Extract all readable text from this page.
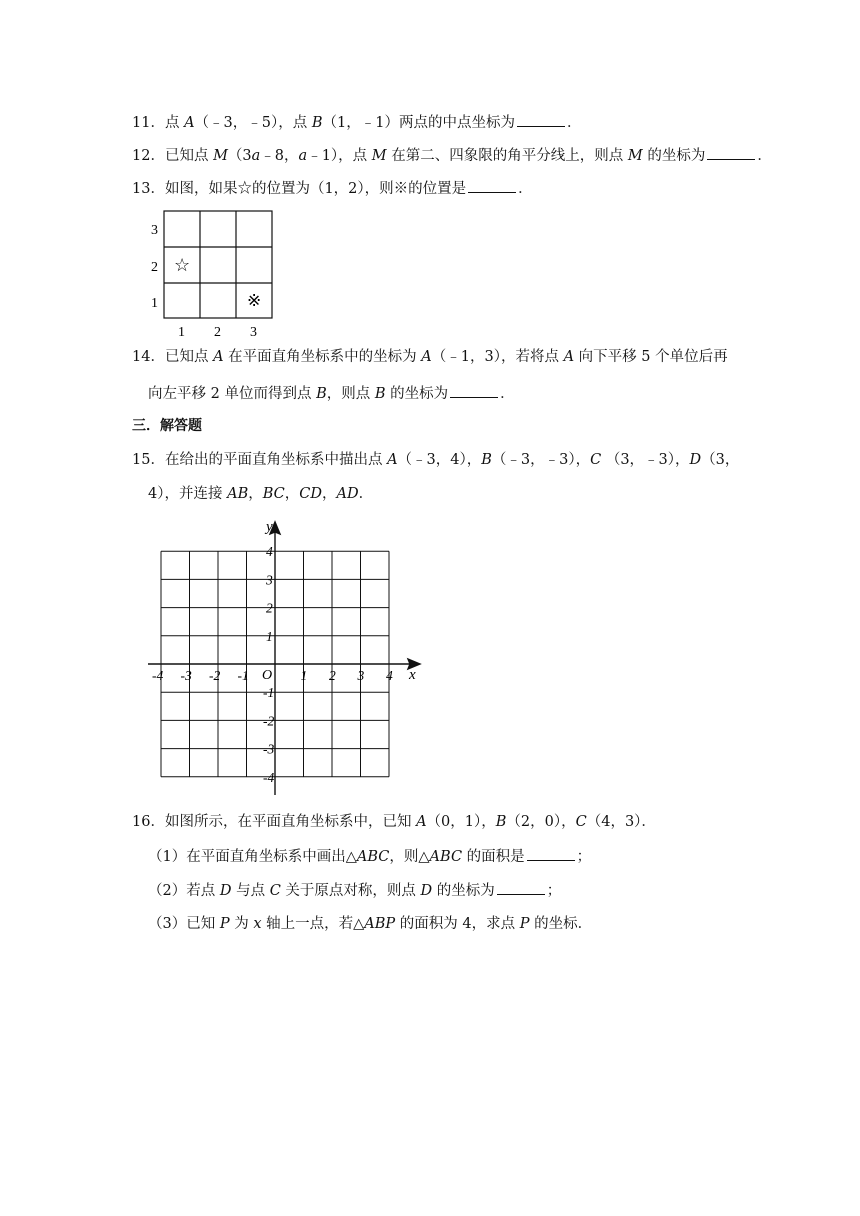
11．点 A（﹣3，﹣5），点 B（1，﹣1）两点的中点坐标为	．
12．已知点 M（3a﹣8，a﹣1），点 M 在第二、四象限的角平分线上，则点 M 的坐标为	．
13．如图，如果☆的位置为（1，2），则※的位置是	．
3
2
1
1 2 3
☆
※
14．已知点 A 在平面直角坐标系中的坐标为 A（﹣1，3），若将点 A 向下平移 5 个单位后再
向左平移 2 单位而得到点 B，则点 B 的坐标为	．
三．解答题
15．在给出的平面直角坐标系中描出点 A（﹣3，4），B（﹣3，﹣3），C （3，﹣3），D（3，
4），并连接 AB，BC，CD，AD．
y
x
O
-4 -3 -2 -1	1 2 3 4
4
3
2
1
-1
-2
-3
-4
16．如图所示，在平面直角坐标系中，已知 A（0，1），B（2，0），C（4，3）．
（1）在平面直角坐标系中画出△ABC，则△ABC 的面积是	；
（2）若点 D 与点 C 关于原点对称，则点 D 的坐标为	；
（3）已知 P 为 x 轴上一点，若△ABP 的面积为 4，求点 P 的坐标．
